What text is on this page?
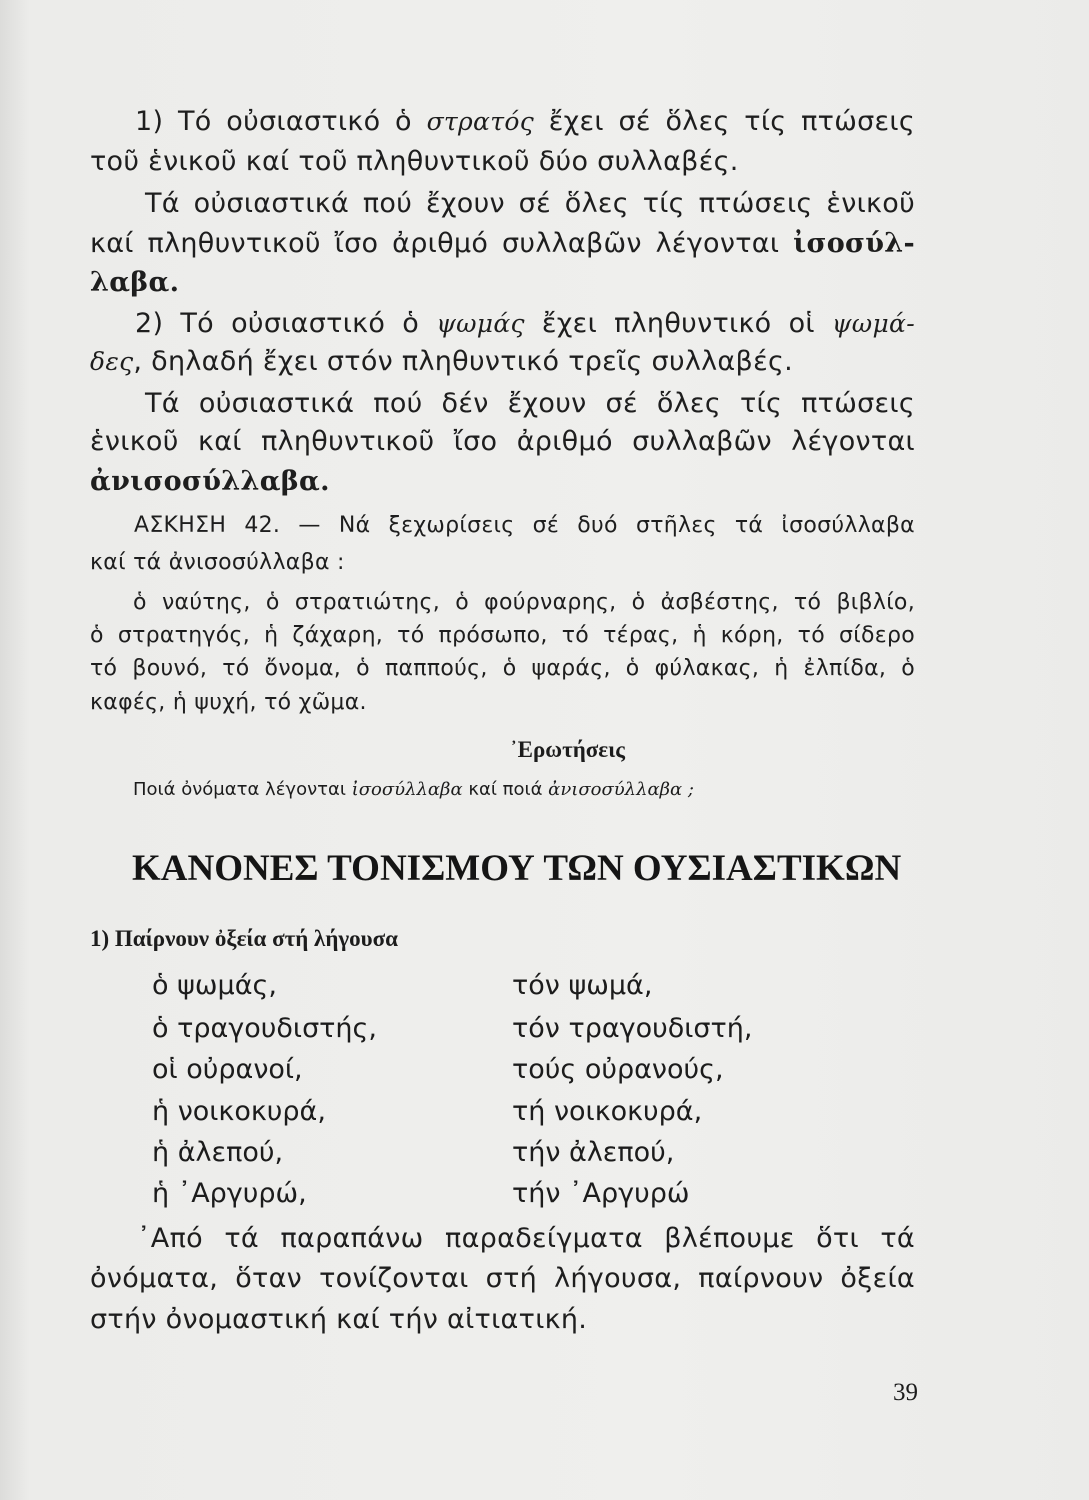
1) Τό οὐσιαστικό ὁ στρατός ἔχει σέ ὅλες τίς πτώσεις
τοῦ ἑνικοῦ καί τοῦ πληθυντικοῦ δύο συλλαβές.
Τά οὐσιαστικά πού ἔχουν σέ ὅλες τίς πτώσεις ἑνικοῦ
καί πληθυντικοῦ ἴσο ἀριθμό συλλαβῶν λέγονται ἰσοσύλ-
λαβα.
2) Τό οὐσιαστικό ὁ ψωμάς ἔχει πληθυντικό οἱ ψωμά-
δες, δηλαδή ἔχει στόν πληθυντικό τρεῖς συλλαβές.
Τά οὐσιαστικά πού δέν ἔχουν σέ ὅλες τίς πτώσεις
ἑνικοῦ καί πληθυντικοῦ ἴσο ἀριθμό συλλαβῶν λέγονται
ἀνισοσύλλαβα.
ΑΣΚΗΣΗ 42. — Νά ξεχωρίσεις σέ δυό στῆλες τά ἰσοσύλλαβα
καί τά ἀνισοσύλλαβα :
ὁ ναύτης, ὁ στρατιώτης, ὁ φούρναρης, ὁ ἀσβέστης, τό βιβλίο,
ὁ στρατηγός, ἡ ζάχαρη, τό πρόσωπο, τό τέρας, ἡ κόρη, τό σίδερο
τό βουνό, τό ὄνομα, ὁ παππούς, ὁ ψαράς, ὁ φύλακας, ἡ ἐλπίδα, ὁ
καφές, ἡ ψυχή, τό χῶμα.
᾿Ερωτήσεις
Ποιά ὀνόματα λέγονται ἰσοσύλλαβα καί ποιά ἀνισοσύλλαβα ;
ΚΑΝΟΝΕΣ ΤΟΝΙΣΜΟΥ ΤΩΝ ΟΥΣΙΑΣΤΙΚΩΝ
1) Παίρνουν ὀξεία στή λήγουσα
ὁ ψωμάς,
ὁ τραγουδιστής,
οἱ οὐρανοί,
ἡ νοικοκυρά,
ἡ ἀλεπού,
ἡ ᾿Αργυρώ,
τόν ψωμά,
τόν τραγουδιστή,
τούς οὐρανούς,
τή νοικοκυρά,
τήν ἀλεπού,
τήν ᾿Αργυρώ
᾿Από τά παραπάνω παραδείγματα βλέπουμε ὅτι τά
ὀνόματα, ὅταν τονίζονται στή λήγουσα, παίρνουν ὀξεία
στήν ὀνομαστική καί τήν αἰτιατική.
39
